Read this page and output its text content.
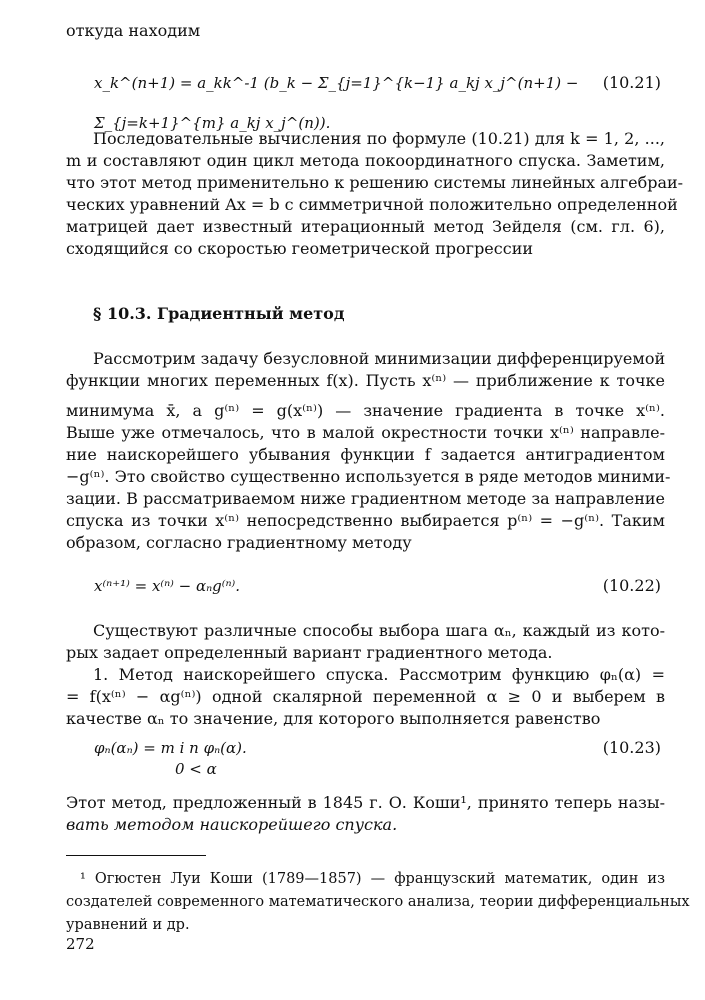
откуда находим
x_k^(n+1) = a_kk^-1 (b_k − Σ_{j=1}^{k−1} a_kj x_j^(n+1) − Σ_{j=k+1}^{m} a_kj x_j^(n)).
(10.21)
Последовательные вычисления по формуле (10.21) для k = 1, 2, ...,
m и составляют один цикл метода покоординатного спуска. Заметим,
что этот метод применительно к решению системы линейных алгебраи-
ческих уравнений Ax = b с симметричной положительно определенной
матрицей дает известный итерационный метод Зейделя (см. гл. 6),
сходящийся со скоростью геометрической прогрессии
§ 10.3. Градиентный метод
Рассмотрим задачу безусловной минимизации дифференцируемой
функции многих переменных f(x). Пусть x⁽ⁿ⁾ — приближение к точке
минимума x̄, а g⁽ⁿ⁾ = g(x⁽ⁿ⁾) — значение градиента в точке x⁽ⁿ⁾.
Выше уже отмечалось, что в малой окрестности точки x⁽ⁿ⁾ направле-
ние наискорейшего убывания функции f задается антиградиентом
−g⁽ⁿ⁾. Это свойство существенно используется в ряде методов миними-
зации. В рассматриваемом ниже градиентном методе за направление
спуска из точки x⁽ⁿ⁾ непосредственно выбирается p⁽ⁿ⁾ = −g⁽ⁿ⁾. Таким
образом, согласно градиентному методу
x⁽ⁿ⁺¹⁾ = x⁽ⁿ⁾ − αₙg⁽ⁿ⁾.	(10.22)
Существуют различные способы выбора шага αₙ, каждый из кото-
рых задает определенный вариант градиентного метода.
1. Метод наискорейшего спуска. Рассмотрим функцию φₙ(α) =
= f(x⁽ⁿ⁾ − αg⁽ⁿ⁾) одной скалярной переменной α ≥ 0 и выберем в
качестве αₙ то значение, для которого выполняется равенство
φₙ(αₙ) = m i n φₙ(α).	(10.23)
0 < α
Этот метод, предложенный в 1845 г. О. Коши¹, принято теперь назы-
вать методом наискорейшего спуска.
¹ Огюстен Луи Коши (1789—1857) — французский математик, один из
создателей современного математического анализа, теории дифференциальных
уравнений и др.
272
